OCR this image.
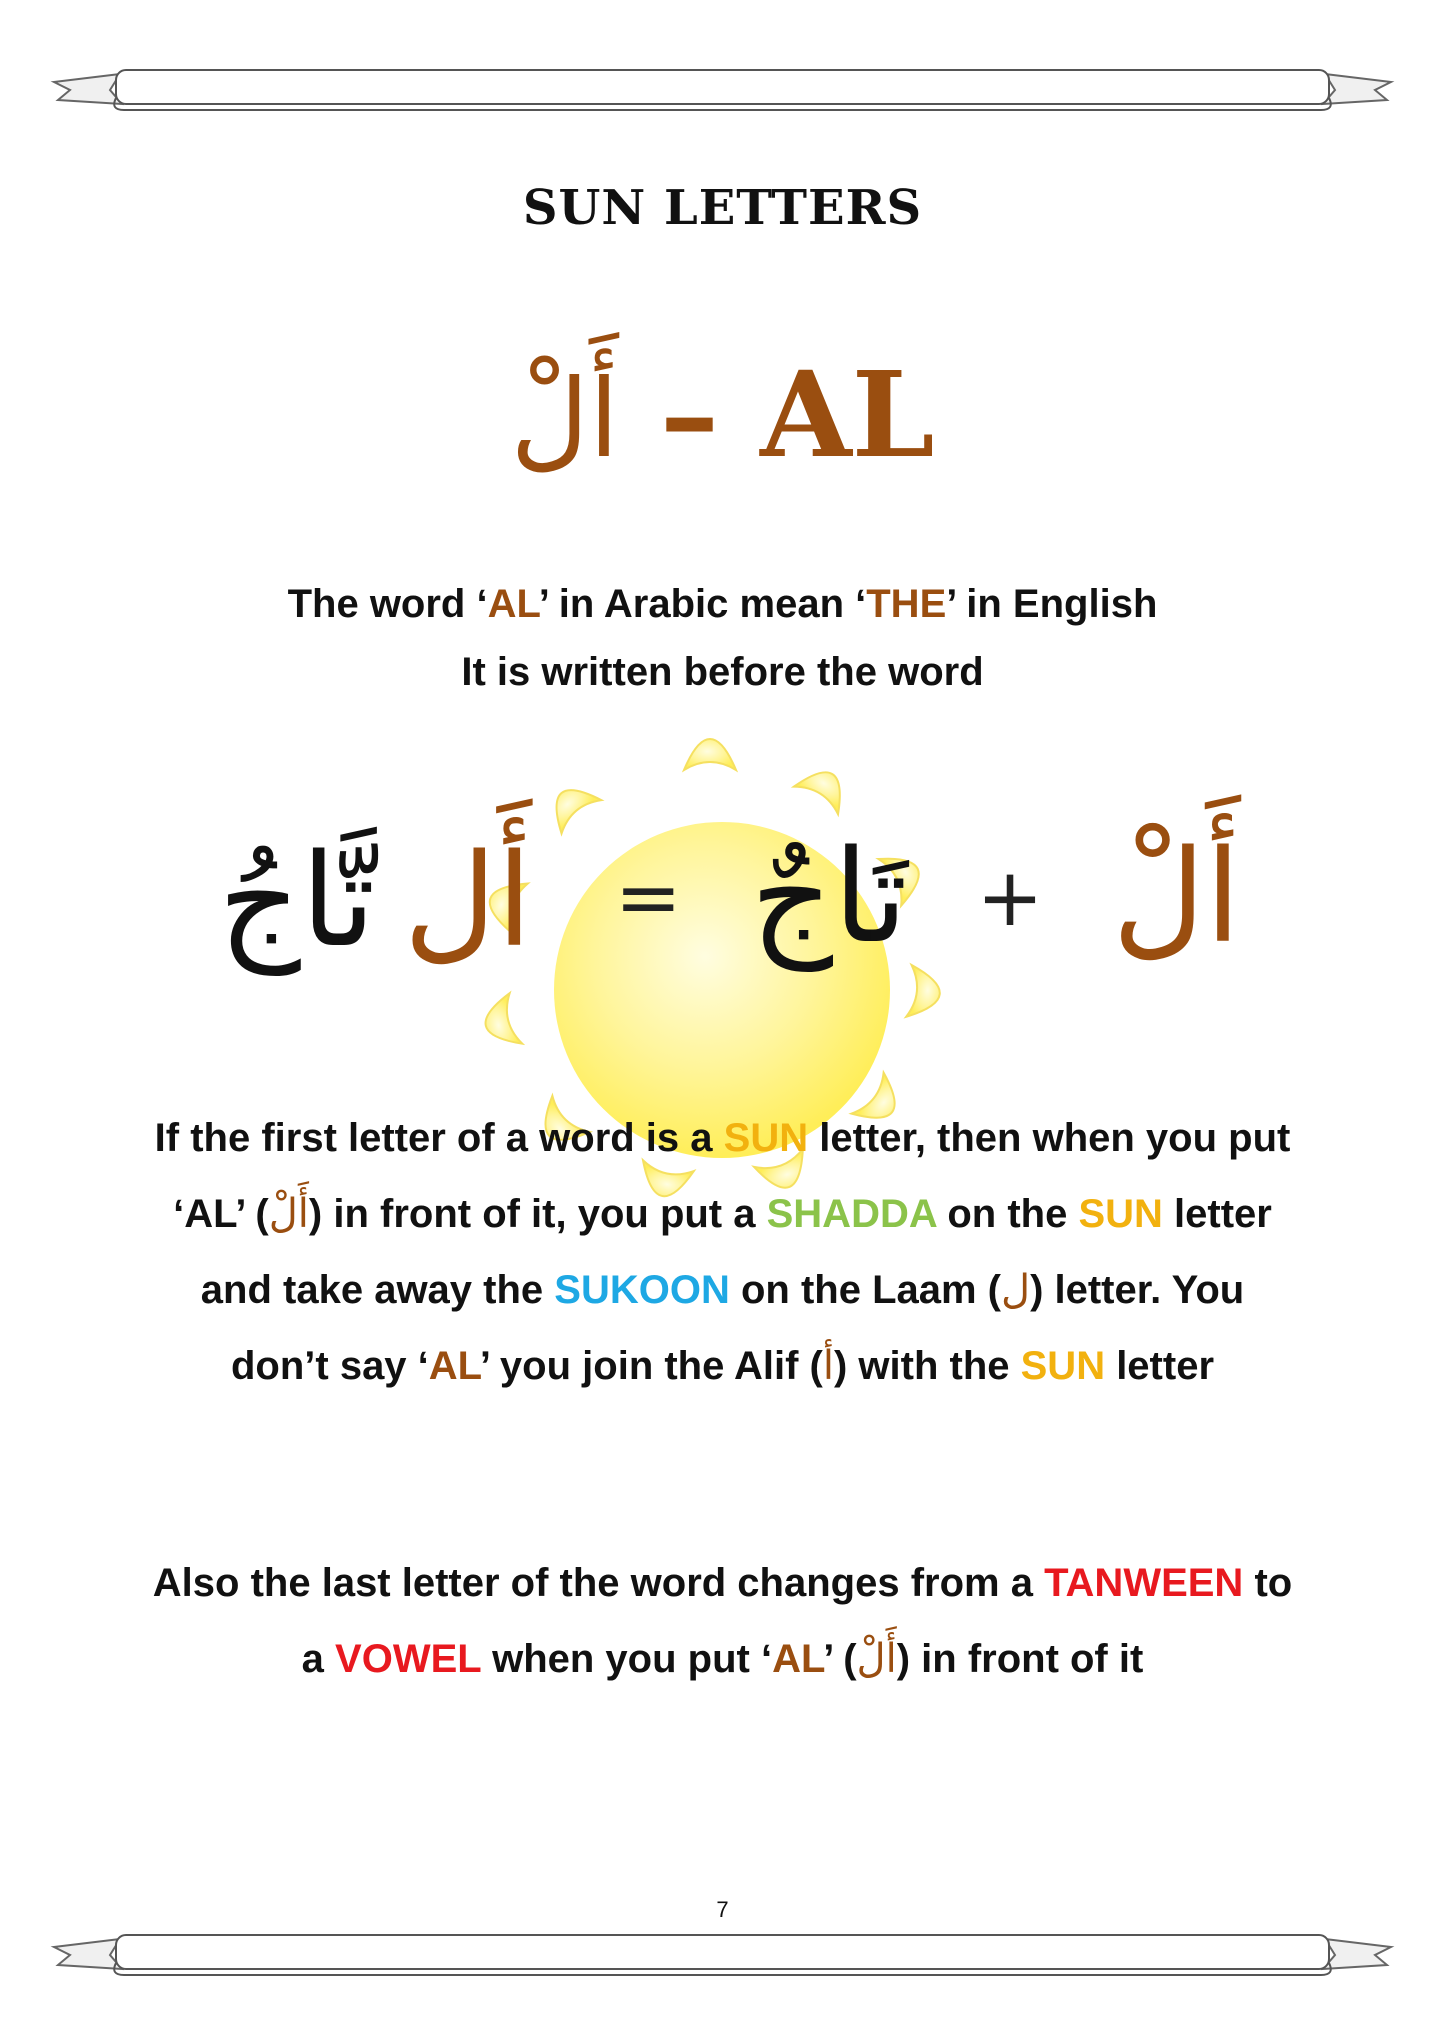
SUN LETTERS
أَلْ – AL
The word ‘AL’ in Arabic mean ‘THE’ in English
It is written before the word
أَلْ + تَاجٌ = أَلتَّاجُ
If the first letter of a word is a SUN letter, then when you put ‘AL’ (أَلْ) in front of it, you put a SHADDA on the SUN letter and take away the SUKOON on the Laam (ل) letter. You don’t say ‘AL’ you join the Alif (أ) with the SUN letter
Also the last letter of the word changes from a TANWEEN to a VOWEL when you put ‘AL’ (أَلْ) in front of it
7
